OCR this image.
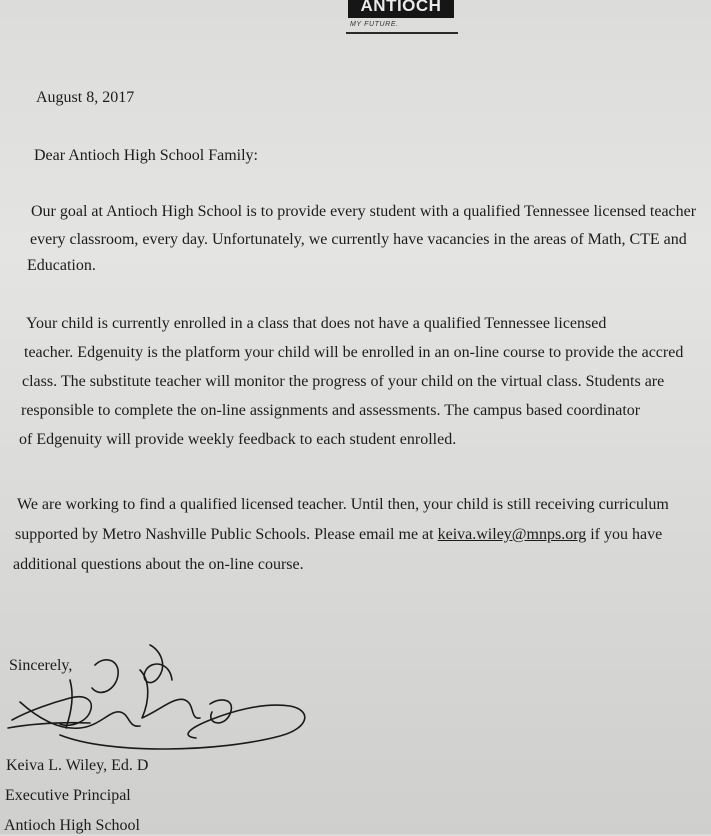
ANTIOCH
MY FUTURE.
August 8, 2017
Dear Antioch High School Family:
Our goal at Antioch High School is to provide every student with a qualified Tennessee licensed teacher
every classroom, every day. Unfortunately, we currently have vacancies in the areas of Math, CTE and
Education.
Your child is currently enrolled in a class that does not have a qualified Tennessee licensed
teacher. Edgenuity is the platform your child will be enrolled in an on-line course to provide the accred
class. The substitute teacher will monitor the progress of your child on the virtual class. Students are
responsible to complete the on-line assignments and assessments. The campus based coordinator
of Edgenuity will provide weekly feedback to each student enrolled.
We are working to find a qualified licensed teacher. Until then, your child is still receiving curriculum
supported by Metro Nashville Public Schools. Please email me at keiva.wiley@mnps.org if you have
additional questions about the on-line course.
Sincerely,
Keiva L. Wiley, Ed. D
Executive Principal
Antioch High School
